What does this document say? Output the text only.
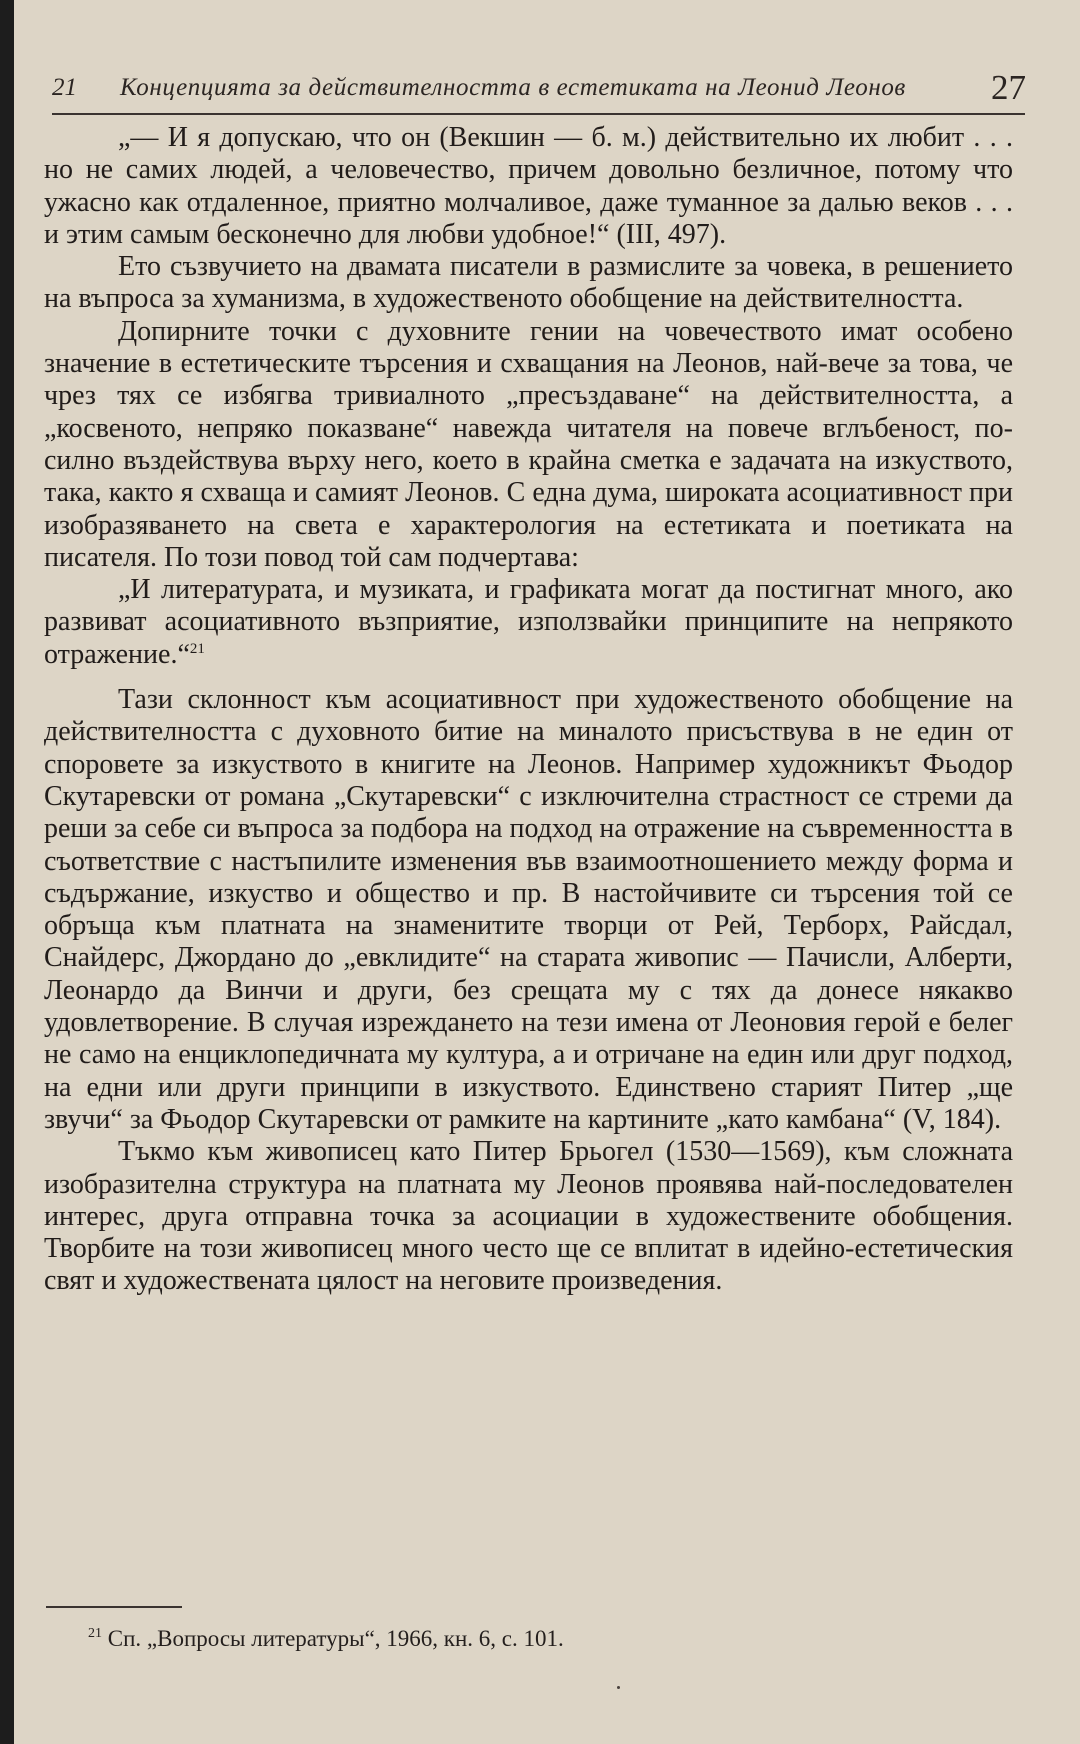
21 Концепцията за действителността в естетиката на Леонид Леонов	27

„— И я допускаю, что он (Векшин — б. м.) действительно их любит . . . но не самих людей, а человечество, причем довольно безличное, потому что ужасно как отдаленное, приятно молчаливое, даже туманное за далью веков . . . и этим самым бесконечно для любви удобное!“ (III, 497).

Ето съзвучието на двамата писатели в размислите за човека, в решението на въпроса за хуманизма, в художественото обобщение на действителността.

Допирните точки с духовните гении на човечеството имат особено значение в естетическите търсения и схващания на Леонов, най-вече за това, че чрез тях се избягва тривиалното „пресъздаване“ на действителността, а „косвеното, непряко показване“ навежда читателя на повече вглъбеност, по-силно въздействува върху него, което в крайна сметка е задачата на изкуството, така, както я схваща и самият Леонов. С една дума, широката асоциативност при изобразяването на света е характерология на естетиката и поетиката на писателя. По този повод той сам подчертава:

„И литературата, и музиката, и графиката могат да постигнат много, ако развиват асоциативното възприятие, използвайки принципите на непрякото отражение.“$^{21}$

Тази склонност към асоциативност при художественото обобщение на действителността с духовното битие на миналото присъствува в не един от споровете за изкуството в книгите на Леонов. Например художникът Фьодор Скутаревски от романа „Скутаревски“ с изключителна страстност се стреми да реши за себе си въпроса за подбора на подход на отражение на съвременността в съответствие с настъпилите изменения във взаимоотношението между форма и съдържание, изкуство и общество и пр. В настойчивите си търсения той се обръща към платната на знаменитите творци от Рей, Терборх, Райсдал, Снайдерс, Джордано до „евклидите“ на старата живопис — Пачисли, Алберти, Леонардо да Винчи и други, без срещата му с тях да донесе някакво удовлетворение. В случая изреждането на тези имена от Леоновия герой е белег не само на енциклопедичната му култура, а и отричане на един или друг подход, на едни или други принципи в изкуството. Единствено старият Питер „ще звучи“ за Фьодор Скутаревски от рамките на картините „като камбана“ (V, 184).

Тъкмо към живописец като Питер Брьогел (1530—1569), към сложната изобразителна структура на платната му Леонов проявява най-последователен интерес, друга отправна точка за асоциации в художествените обобщения. Творбите на този живописец много често ще се вплитат в идейно-естетическия свят и художествената цялост на неговите произведения.

$^{21}$ Сп. „Вопросы литературы“, 1966, кн. 6, с. 101.
